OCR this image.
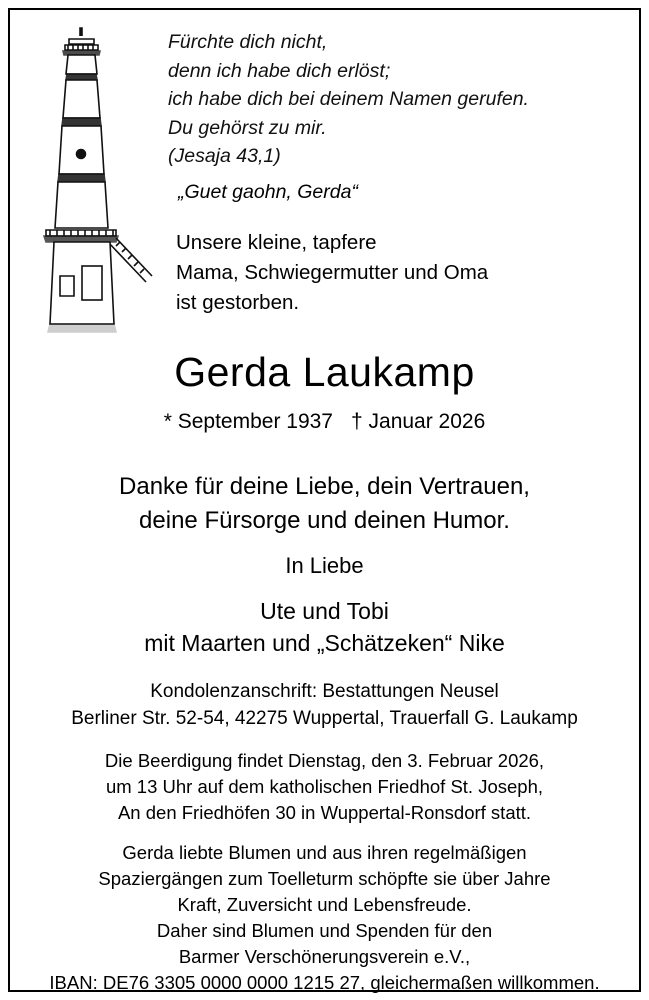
Fürchte dich nicht,
denn ich habe dich erlöst;
ich habe dich bei deinem Namen gerufen.
Du gehörst zu mir.
(Jesaja 43,1)
„Guet gaohn, Gerda“
Unsere kleine, tapfere
Mama, Schwiegermutter und Oma
ist gestorben.
Gerda Laukamp
* September 1937 † Januar 2026
Danke für deine Liebe, dein Vertrauen,
deine Fürsorge und deinen Humor.
In Liebe
Ute und Tobi
mit Maarten und „Schätzeken“ Nike
Kondolenzanschrift: Bestattungen Neusel
Berliner Str. 52-54, 42275 Wuppertal, Trauerfall G. Laukamp
Die Beerdigung findet Dienstag, den 3. Februar 2026,
um 13 Uhr auf dem katholischen Friedhof St. Joseph,
An den Friedhöfen 30 in Wuppertal-Ronsdorf statt.
Gerda liebte Blumen und aus ihren regelmäßigen
Spaziergängen zum Toelleturm schöpfte sie über Jahre
Kraft, Zuversicht und Lebensfreude.
Daher sind Blumen und Spenden für den
Barmer Verschönerungsverein e.V.,
IBAN: DE76 3305 0000 0000 1215 27, gleichermaßen willkommen.
